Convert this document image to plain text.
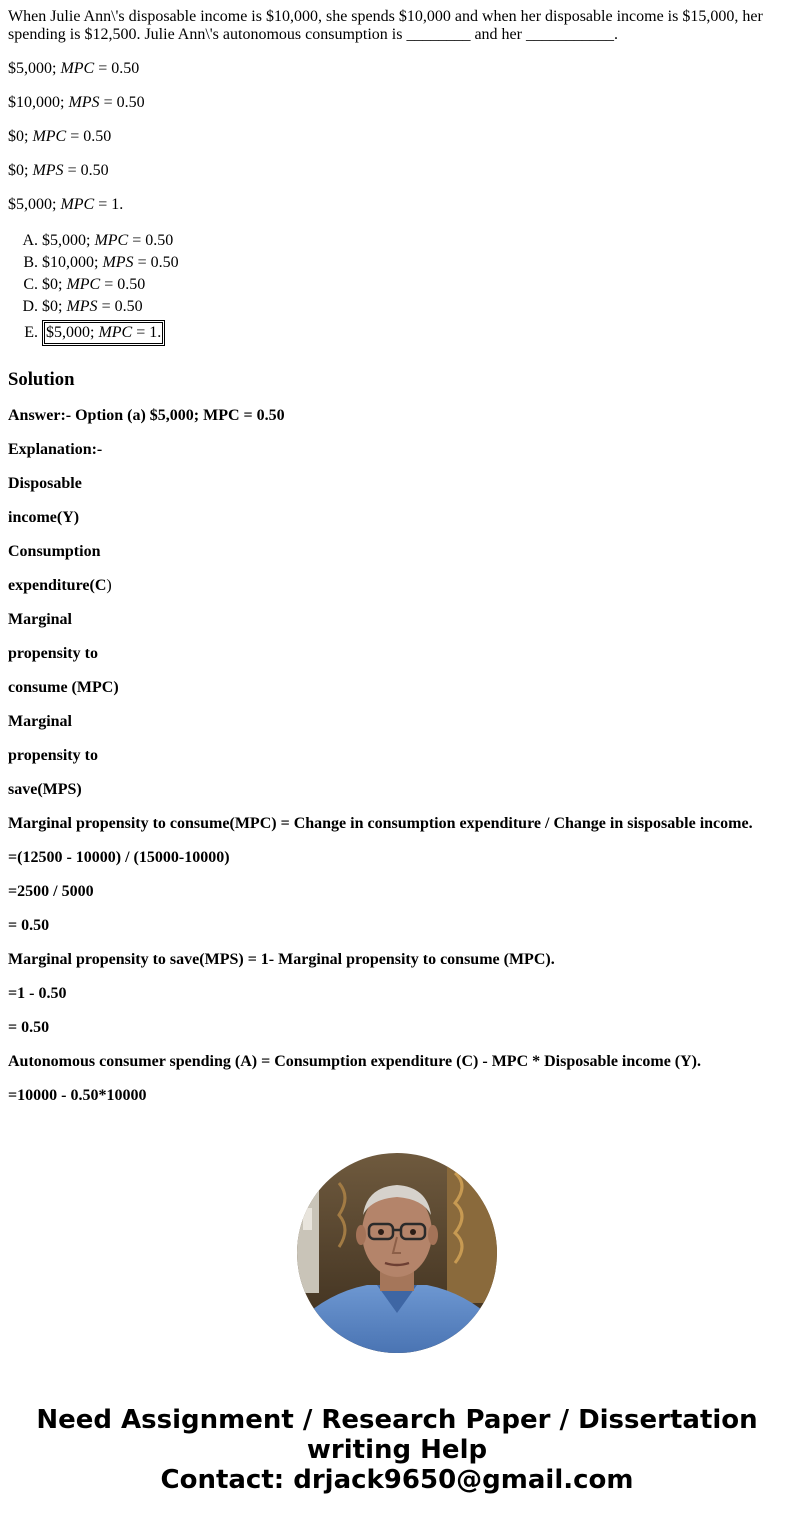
When Julie Ann\'s disposable income is $10,000, she spends $10,000 and when her disposable income is $15,000, her spending is $12,500. Julie Ann\'s autonomous consumption is ________ and her ___________.

$5,000; MPC = 0.50

$10,000; MPS = 0.50

$0; MPC = 0.50

$0; MPS = 0.50

$5,000; MPC = 1.

A. $5,000; MPC = 0.50
B. $10,000; MPS = 0.50
C. $0; MPC = 0.50
D. $0; MPS = 0.50
E. $5,000; MPC = 1.
Solution

Answer:- Option (a) $5,000; MPC = 0.50

Explanation:-

Disposable

income(Y)

Consumption

expenditure(C)

Marginal

propensity to

consume (MPC)

Marginal

propensity to

save(MPS)

Marginal propensity to consume(MPC) = Change in consumption expenditure / Change in sisposable income.

=(12500 - 10000) / (15000-10000)

=2500 / 5000

= 0.50

Marginal propensity to save(MPS) = 1- Marginal propensity to consume (MPC).

=1 - 0.50

= 0.50

Autonomous consumer spending (A) = Consumption expenditure (C) - MPC * Disposable income (Y).

=10000 - 0.50*10000

Need Assignment / Research Paper / Dissertation
writing Help
Contact: drjack9650@gmail.com
